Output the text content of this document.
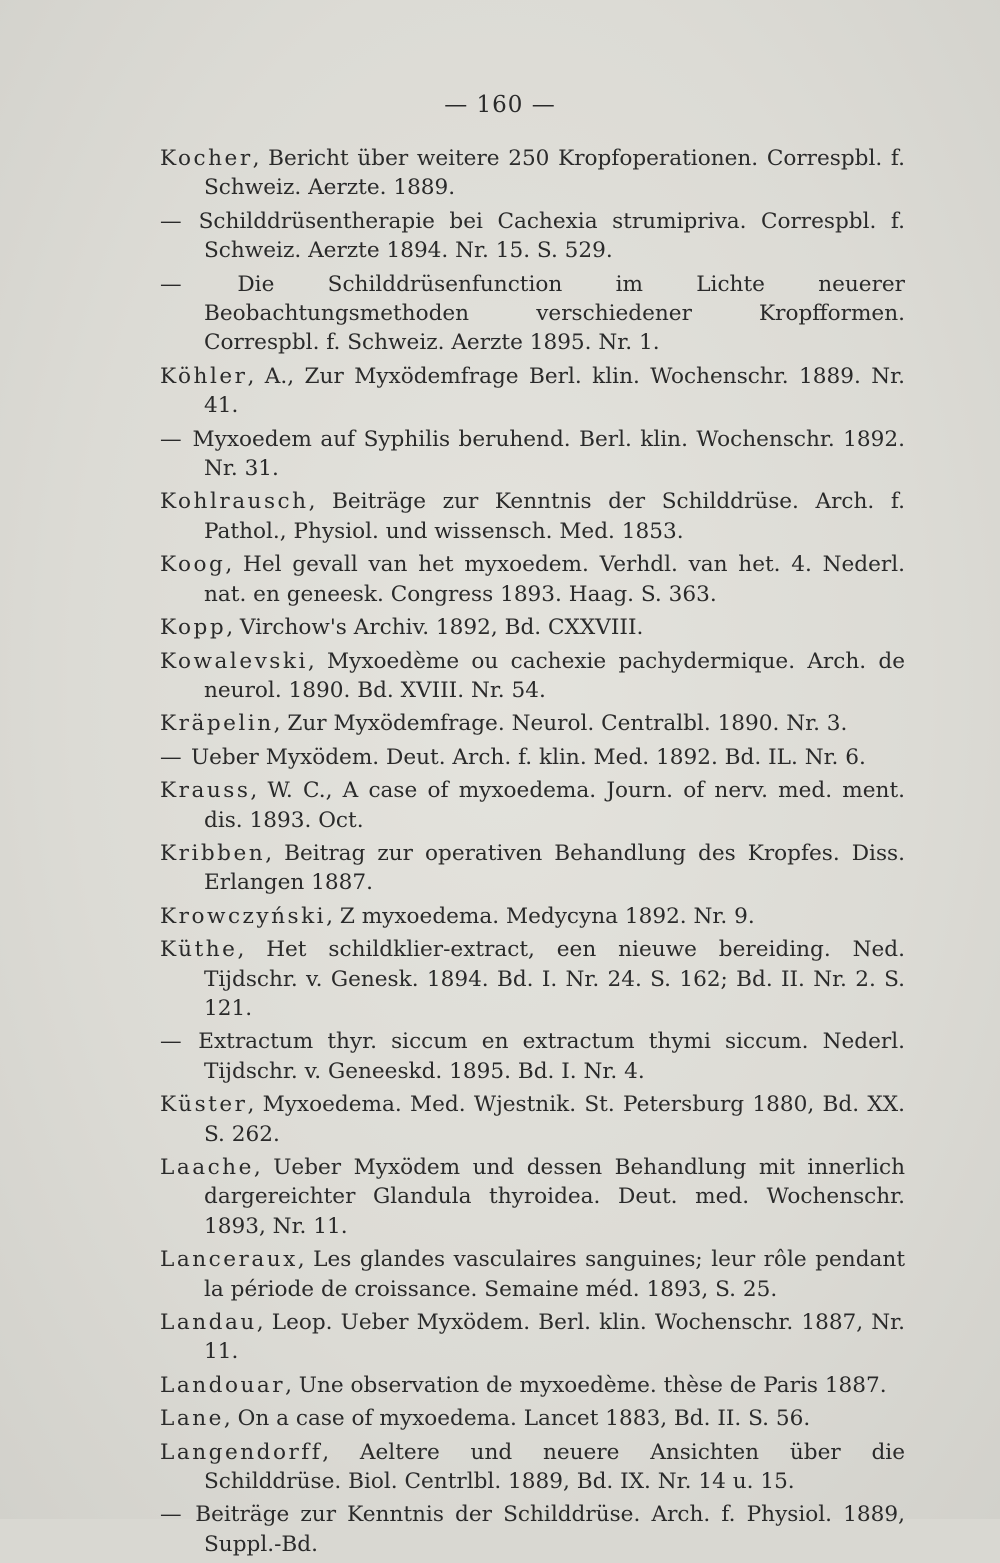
— 160 —
Kocher, Bericht über weitere 250 Kropfoperationen. Correspbl. f. Schweiz. Aerzte. 1889.
— Schilddrüsentherapie bei Cachexia strumipriva. Correspbl. f. Schweiz. Aerzte 1894. Nr. 15. S. 529.
— Die Schilddrüsenfunction im Lichte neuerer Beobachtungsmethoden verschiedener Kropfformen. Correspbl. f. Schweiz. Aerzte 1895. Nr. 1.
Köhler, A., Zur Myxödemfrage Berl. klin. Wochenschr. 1889. Nr. 41.
— Myxoedem auf Syphilis beruhend. Berl. klin. Wochenschr. 1892. Nr. 31.
Kohlrausch, Beiträge zur Kenntnis der Schilddrüse. Arch. f. Pathol., Physiol. und wissensch. Med. 1853.
Koog, Hel gevall van het myxoedem. Verhdl. van het. 4. Nederl. nat. en geneesk. Congress 1893. Haag. S. 363.
Kopp, Virchow's Archiv. 1892, Bd. CXXVIII.
Kowalevski, Myxoedème ou cachexie pachydermique. Arch. de neurol. 1890. Bd. XVIII. Nr. 54.
Kräpelin, Zur Myxödemfrage. Neurol. Centralbl. 1890. Nr. 3.
— Ueber Myxödem. Deut. Arch. f. klin. Med. 1892. Bd. IL. Nr. 6.
Krauss, W. C., A case of myxoedema. Journ. of nerv. med. ment. dis. 1893. Oct.
Kribben, Beitrag zur operativen Behandlung des Kropfes. Diss. Erlangen 1887.
Krowczyński, Z myxoedema. Medycyna 1892. Nr. 9.
Küthe, Het schildklier-extract, een nieuwe bereiding. Ned. Tijdschr. v. Genesk. 1894. Bd. I. Nr. 24. S. 162; Bd. II. Nr. 2. S. 121.
— Extractum thyr. siccum en extractum thymi siccum. Nederl. Tijdschr. v. Geneeskd. 1895. Bd. I. Nr. 4.
Küster, Myxoedema. Med. Wjestnik. St. Petersburg 1880, Bd. XX. S. 262.
Laache, Ueber Myxödem und dessen Behandlung mit innerlich dargereichter Glandula thyroidea. Deut. med. Wochenschr. 1893, Nr. 11.
Lanceraux, Les glandes vasculaires sanguines; leur rôle pendant la période de croissance. Semaine méd. 1893, S. 25.
Landau, Leop. Ueber Myxödem. Berl. klin. Wochenschr. 1887, Nr. 11.
Landouar, Une observation de myxoedème. thèse de Paris 1887.
Lane, On a case of myxoedema. Lancet 1883, Bd. II. S. 56.
Langendorff, Aeltere und neuere Ansichten über die Schilddrüse. Biol. Centrlbl. 1889, Bd. IX. Nr. 14 u. 15.
— Beiträge zur Kenntnis der Schilddrüse. Arch. f. Physiol. 1889, Suppl.-Bd.
